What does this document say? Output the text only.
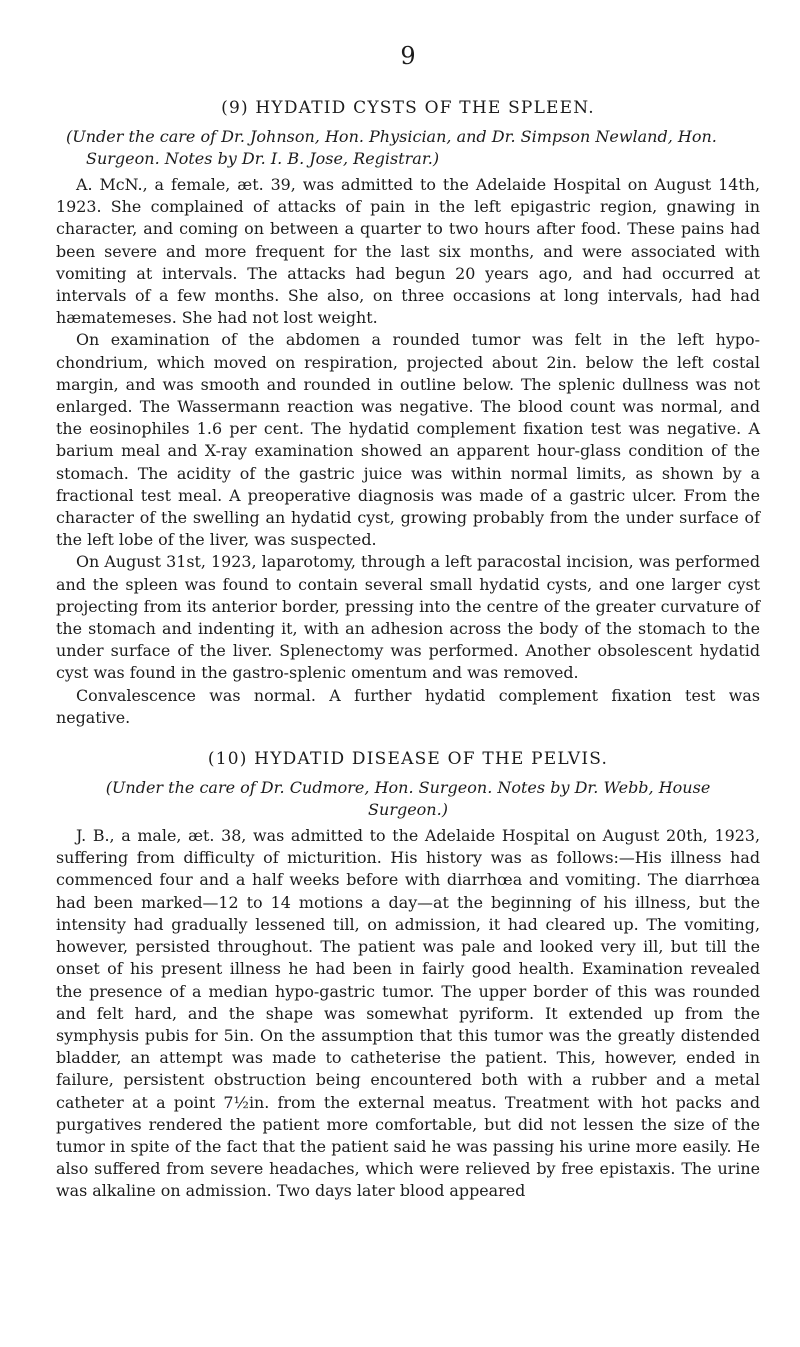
9
(9) HYDATID CYSTS OF THE SPLEEN.
(Under the care of Dr. Johnson, Hon. Physician, and Dr. Simpson Newland, Hon. Surgeon. Notes by Dr. I. B. Jose, Registrar.)

A. McN., a female, æt. 39, was admitted to the Adelaide Hospital on August 14th, 1923. She complained of attacks of pain in the left epigastric region, gnawing in character, and coming on between a quarter to two hours after food. These pains had been severe and more frequent for the last six months, and were associated with vomiting at intervals. The attacks had begun 20 years ago, and had occurred at intervals of a few months. She also, on three occasions at long intervals, had had hæmatemeses. She had not lost weight.

On examination of the abdomen a rounded tumor was felt in the left hypo-chondrium, which moved on respiration, projected about 2in. below the left costal margin, and was smooth and rounded in outline below. The splenic dullness was not enlarged. The Wassermann reaction was negative. The blood count was normal, and the eosinophiles 1.6 per cent. The hydatid complement fixation test was negative. A barium meal and X-ray examination showed an apparent hour-glass condition of the stomach. The acidity of the gastric juice was within normal limits, as shown by a fractional test meal. A preoperative diagnosis was made of a gastric ulcer. From the character of the swelling an hydatid cyst, growing probably from the under surface of the left lobe of the liver, was suspected.

On August 31st, 1923, laparotomy, through a left paracostal incision, was performed and the spleen was found to contain several small hydatid cysts, and one larger cyst projecting from its anterior border, pressing into the centre of the greater curvature of the stomach and indenting it, with an adhesion across the body of the stomach to the under surface of the liver. Splenectomy was performed. Another obsolescent hydatid cyst was found in the gastro-splenic omentum and was removed.

Convalescence was normal. A further hydatid complement fixation test was negative.

(10) HYDATID DISEASE OF THE PELVIS.
(Under the care of Dr. Cudmore, Hon. Surgeon. Notes by Dr. Webb, House Surgeon.)

J. B., a male, æt. 38, was admitted to the Adelaide Hospital on August 20th, 1923, suffering from difficulty of micturition. His history was as follows:—His illness had commenced four and a half weeks before with diarrhœa and vomiting. The diarrhœa had been marked—12 to 14 motions a day—at the beginning of his illness, but the intensity had gradually lessened till, on admission, it had cleared up. The vomiting, however, persisted throughout. The patient was pale and looked very ill, but till the onset of his present illness he had been in fairly good health. Examination revealed the presence of a median hypo-gastric tumor. The upper border of this was rounded and felt hard, and the shape was somewhat pyriform. It extended up from the symphysis pubis for 5in. On the assumption that this tumor was the greatly distended bladder, an attempt was made to catheterise the patient. This, however, ended in failure, persistent obstruction being encountered both with a rubber and a metal catheter at a point 7½in. from the external meatus. Treatment with hot packs and purgatives rendered the patient more comfortable, but did not lessen the size of the tumor in spite of the fact that the patient said he was passing his urine more easily. He also suffered from severe headaches, which were relieved by free epistaxis. The urine was alkaline on admission. Two days later blood appeared
